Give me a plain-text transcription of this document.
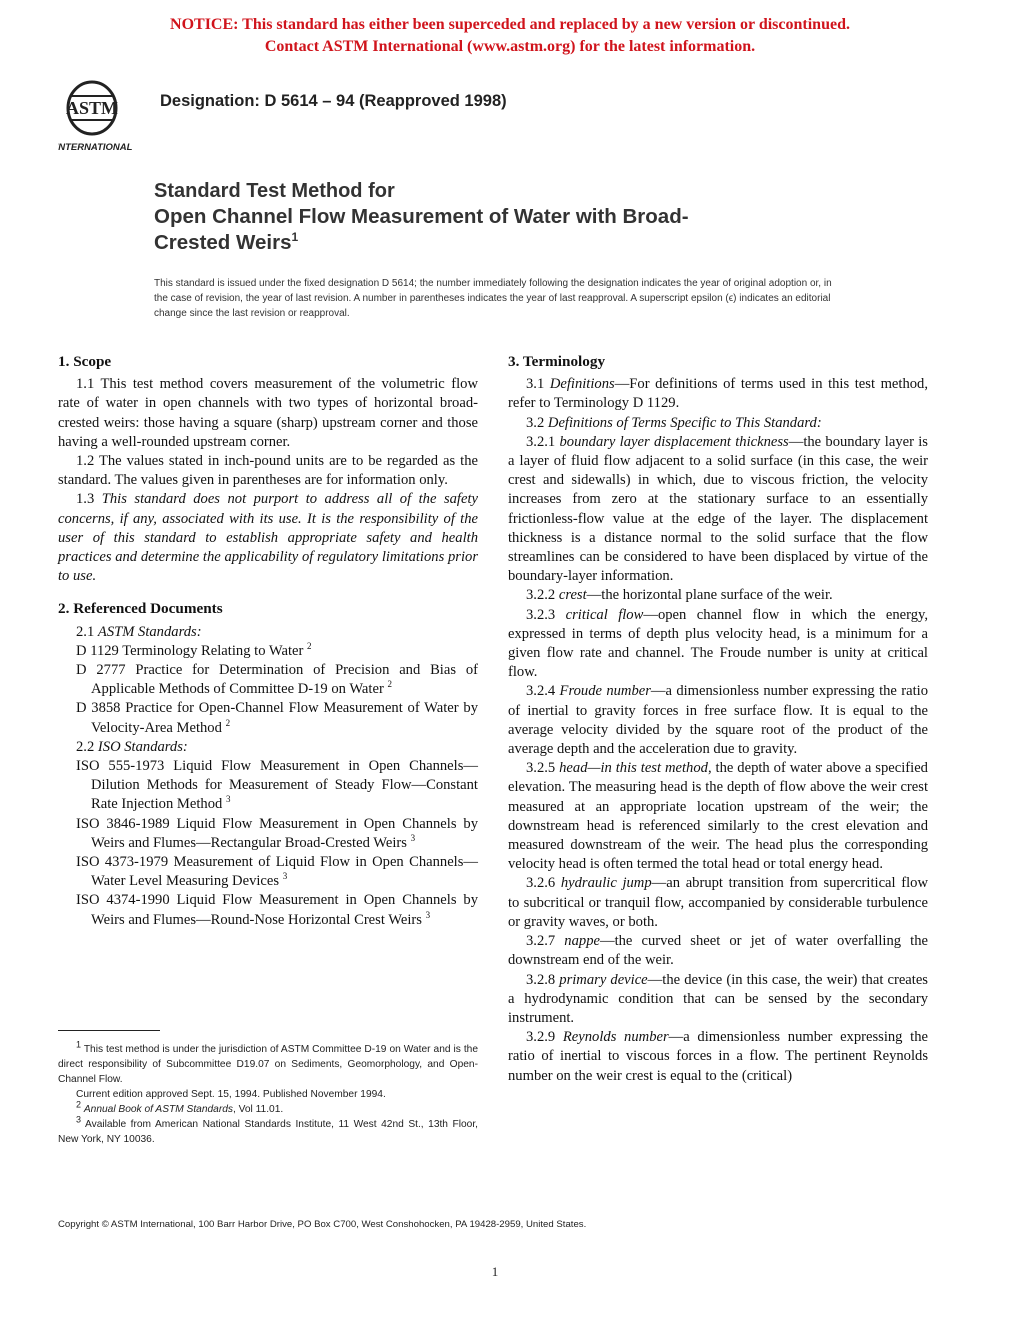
NOTICE: This standard has either been superceded and replaced by a new version or discontinued.
Contact ASTM International (www.astm.org) for the latest information.
ASTM
INTERNATIONAL
Designation: D 5614 – 94 (Reapproved 1998)
Standard Test Method for
Open Channel Flow Measurement of Water with Broad-
Crested Weirs$^1$
This standard is issued under the fixed designation D 5614; the number immediately following the designation indicates the year of original adoption or, in the case of revision, the year of last revision. A number in parentheses indicates the year of last reapproval. A superscript epsilon (ϵ) indicates an editorial change since the last revision or reapproval.

1. Scope

1.1 This test method covers measurement of the volumetric flow rate of water in open channels with two types of horizontal broad-crested weirs: those having a square (sharp) upstream corner and those having a well-rounded upstream corner.

1.2 The values stated in inch-pound units are to be regarded as the standard. The values given in parentheses are for information only.

1.3 This standard does not purport to address all of the safety concerns, if any, associated with its use. It is the responsibility of the user of this standard to establish appropriate safety and health practices and determine the applicability of regulatory limitations prior to use.

2. Referenced Documents

2.1 ASTM Standards:

D 1129 Terminology Relating to Water $^2$

D 2777 Practice for Determination of Precision and Bias of Applicable Methods of Committee D-19 on Water $^2$

D 3858 Practice for Open-Channel Flow Measurement of Water by Velocity-Area Method $^2$

2.2 ISO Standards:

ISO 555-1973 Liquid Flow Measurement in Open Channels—Dilution Methods for Measurement of Steady Flow—Constant Rate Injection Method $^3$

ISO 3846-1989 Liquid Flow Measurement in Open Channels by Weirs and Flumes—Rectangular Broad-Crested Weirs $^3$

ISO 4373-1979 Measurement of Liquid Flow in Open Channels—Water Level Measuring Devices $^3$

ISO 4374-1990 Liquid Flow Measurement in Open Channels by Weirs and Flumes—Round-Nose Horizontal Crest Weirs $^3$

$^1$ This test method is under the jurisdiction of ASTM Committee D-19 on Water and is the direct responsibility of Subcommittee D19.07 on Sediments, Geomorphology, and Open-Channel Flow.

Current edition approved Sept. 15, 1994. Published November 1994.

$^2$ Annual Book of ASTM Standards, Vol 11.01.

$^3$ Available from American National Standards Institute, 11 West 42nd St., 13th Floor, New York, NY 10036.

3. Terminology

3.1 Definitions—For definitions of terms used in this test method, refer to Terminology D 1129.

3.2 Definitions of Terms Specific to This Standard:

3.2.1 boundary layer displacement thickness—the boundary layer is a layer of fluid flow adjacent to a solid surface (in this case, the weir crest and sidewalls) in which, due to viscous friction, the velocity increases from zero at the stationary surface to an essentially frictionless-flow value at the edge of the layer. The displacement thickness is a distance normal to the solid surface that the flow streamlines can be considered to have been displaced by virtue of the boundary-layer information.

3.2.2 crest—the horizontal plane surface of the weir.

3.2.3 critical flow—open channel flow in which the energy, expressed in terms of depth plus velocity head, is a minimum for a given flow rate and channel. The Froude number is unity at critical flow.

3.2.4 Froude number—a dimensionless number expressing the ratio of inertial to gravity forces in free surface flow. It is equal to the average velocity divided by the square root of the product of the average depth and the acceleration due to gravity.

3.2.5 head—in this test method, the depth of water above a specified elevation. The measuring head is the depth of flow above the weir crest measured at an appropriate location upstream of the weir; the downstream head is referenced similarly to the crest elevation and measured downstream of the weir. The head plus the corresponding velocity head is often termed the total head or total energy head.

3.2.6 hydraulic jump—an abrupt transition from supercritical flow to subcritical or tranquil flow, accompanied by considerable turbulence or gravity waves, or both.

3.2.7 nappe—the curved sheet or jet of water overfalling the downstream end of the weir.

3.2.8 primary device—the device (in this case, the weir) that creates a hydrodynamic condition that can be sensed by the secondary instrument.

3.2.9 Reynolds number—a dimensionless number expressing the ratio of inertial to viscous forces in a flow. The pertinent Reynolds number on the weir crest is equal to the (critical)

Copyright © ASTM International, 100 Barr Harbor Drive, PO Box C700, West Conshohocken, PA 19428-2959, United States.
1
